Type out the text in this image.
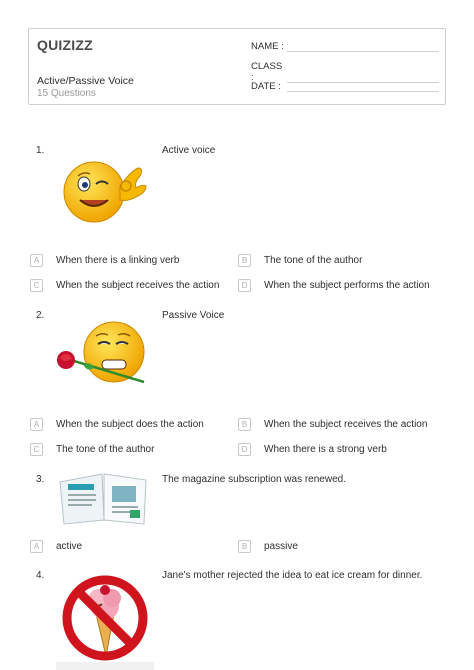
QUIZIZZ
Active/Passive Voice
15 Questions
NAME :
CLASS :
DATE :
1.	Active voice
A	When there is a linking verb	B	The tone of the author
C	When the subject receives the action	D	When the subject performs the action
2.	Passive Voice
A	When the subject does the action	B	When the subject receives the action
C	The tone of the author	D	When there is a strong verb
3.	The magazine subscription was renewed.
A	active	B	passive
4.	Jane's mother rejected the idea to eat ice cream for dinner.
